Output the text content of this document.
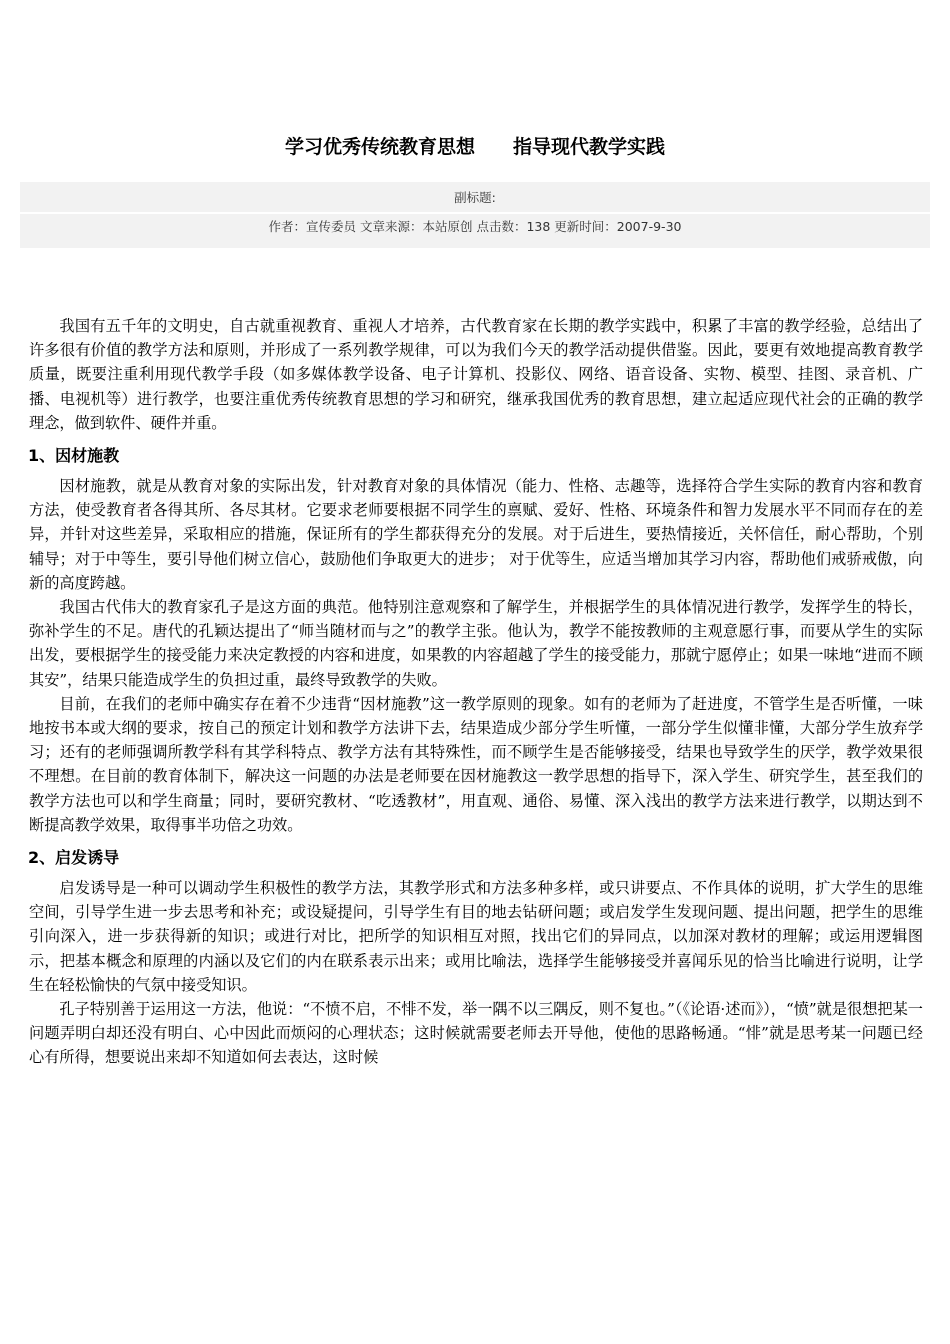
学习优秀传统教育思想　　指导现代教学实践
副标题:
作者：宣传委员 文章来源：本站原创 点击数：138 更新时间：2007-9-30

我国有五千年的文明史，自古就重视教育、重视人才培养，古代教育家在长期的教学实践中，积累了丰富的教学经验，总结出了许多很有价值的教学方法和原则，并形成了一系列教学规律，可以为我们今天的教学活动提供借鉴。因此，要更有效地提高教育教学质量，既要注重利用现代教学手段（如多媒体教学设备、电子计算机、投影仪、网络、语音设备、实物、模型、挂图、录音机、广播、电视机等）进行教学，也要注重优秀传统教育思想的学习和研究，继承我国优秀的教育思想，建立起适应现代社会的正确的教学理念，做到软件、硬件并重。

1、因材施教

因材施教，就是从教育对象的实际出发，针对教育对象的具体情况（能力、性格、志趣等，选择符合学生实际的教育内容和教育方法，使受教育者各得其所、各尽其材。它要求老师要根据不同学生的禀赋、爱好、性格、环境条件和智力发展水平不同而存在的差异，并针对这些差异，采取相应的措施，保证所有的学生都获得充分的发展。对于后进生，要热情接近，关怀信任，耐心帮助，个别辅导；对于中等生，要引导他们树立信心，鼓励他们争取更大的进步； 对于优等生，应适当增加其学习内容，帮助他们戒骄戒傲，向新的高度跨越。

我国古代伟大的教育家孔子是这方面的典范。他特别注意观察和了解学生，并根据学生的具体情况进行教学，发挥学生的特长，弥补学生的不足。唐代的孔颖达提出了“师当随材而与之”的教学主张。他认为，教学不能按教师的主观意愿行事，而要从学生的实际出发，要根据学生的接受能力来决定教授的内容和进度，如果教的内容超越了学生的接受能力，那就宁愿停止；如果一味地“进而不顾其安”，结果只能造成学生的负担过重，最终导致教学的失败。

目前，在我们的老师中确实存在着不少违背“因材施教”这一教学原则的现象。如有的老师为了赶进度，不管学生是否听懂，一味地按书本或大纲的要求，按自己的预定计划和教学方法讲下去，结果造成少部分学生听懂，一部分学生似懂非懂，大部分学生放弃学习；还有的老师强调所教学科有其学科特点、教学方法有其特殊性，而不顾学生是否能够接受，结果也导致学生的厌学，教学效果很不理想。在目前的教育体制下，解决这一问题的办法是老师要在因材施教这一教学思想的指导下，深入学生、研究学生，甚至我们的教学方法也可以和学生商量；同时，要研究教材、“吃透教材”，用直观、通俗、易懂、深入浅出的教学方法来进行教学，以期达到不断提高教学效果，取得事半功倍之功效。

2、启发诱导

启发诱导是一种可以调动学生积极性的教学方法，其教学形式和方法多种多样，或只讲要点、不作具体的说明，扩大学生的思维空间，引导学生进一步去思考和补充；或设疑提问，引导学生有目的地去钻研问题；或启发学生发现问题、提出问题，把学生的思维引向深入，进一步获得新的知识；或进行对比，把所学的知识相互对照，找出它们的异同点，以加深对教材的理解；或运用逻辑图示，把基本概念和原理的内涵以及它们的内在联系表示出来；或用比喻法，选择学生能够接受并喜闻乐见的恰当比喻进行说明，让学生在轻松愉快的气氛中接受知识。

孔子特别善于运用这一方法，他说：“不愤不启，不悱不发，举一隅不以三隅反，则不复也。”（《论语·述而》），“愤”就是很想把某一问题弄明白却还没有明白、心中因此而烦闷的心理状态；这时候就需要老师去开导他，使他的思路畅通。“悱”就是思考某一问题已经心有所得，想要说出来却不知道如何去表达，这时候
